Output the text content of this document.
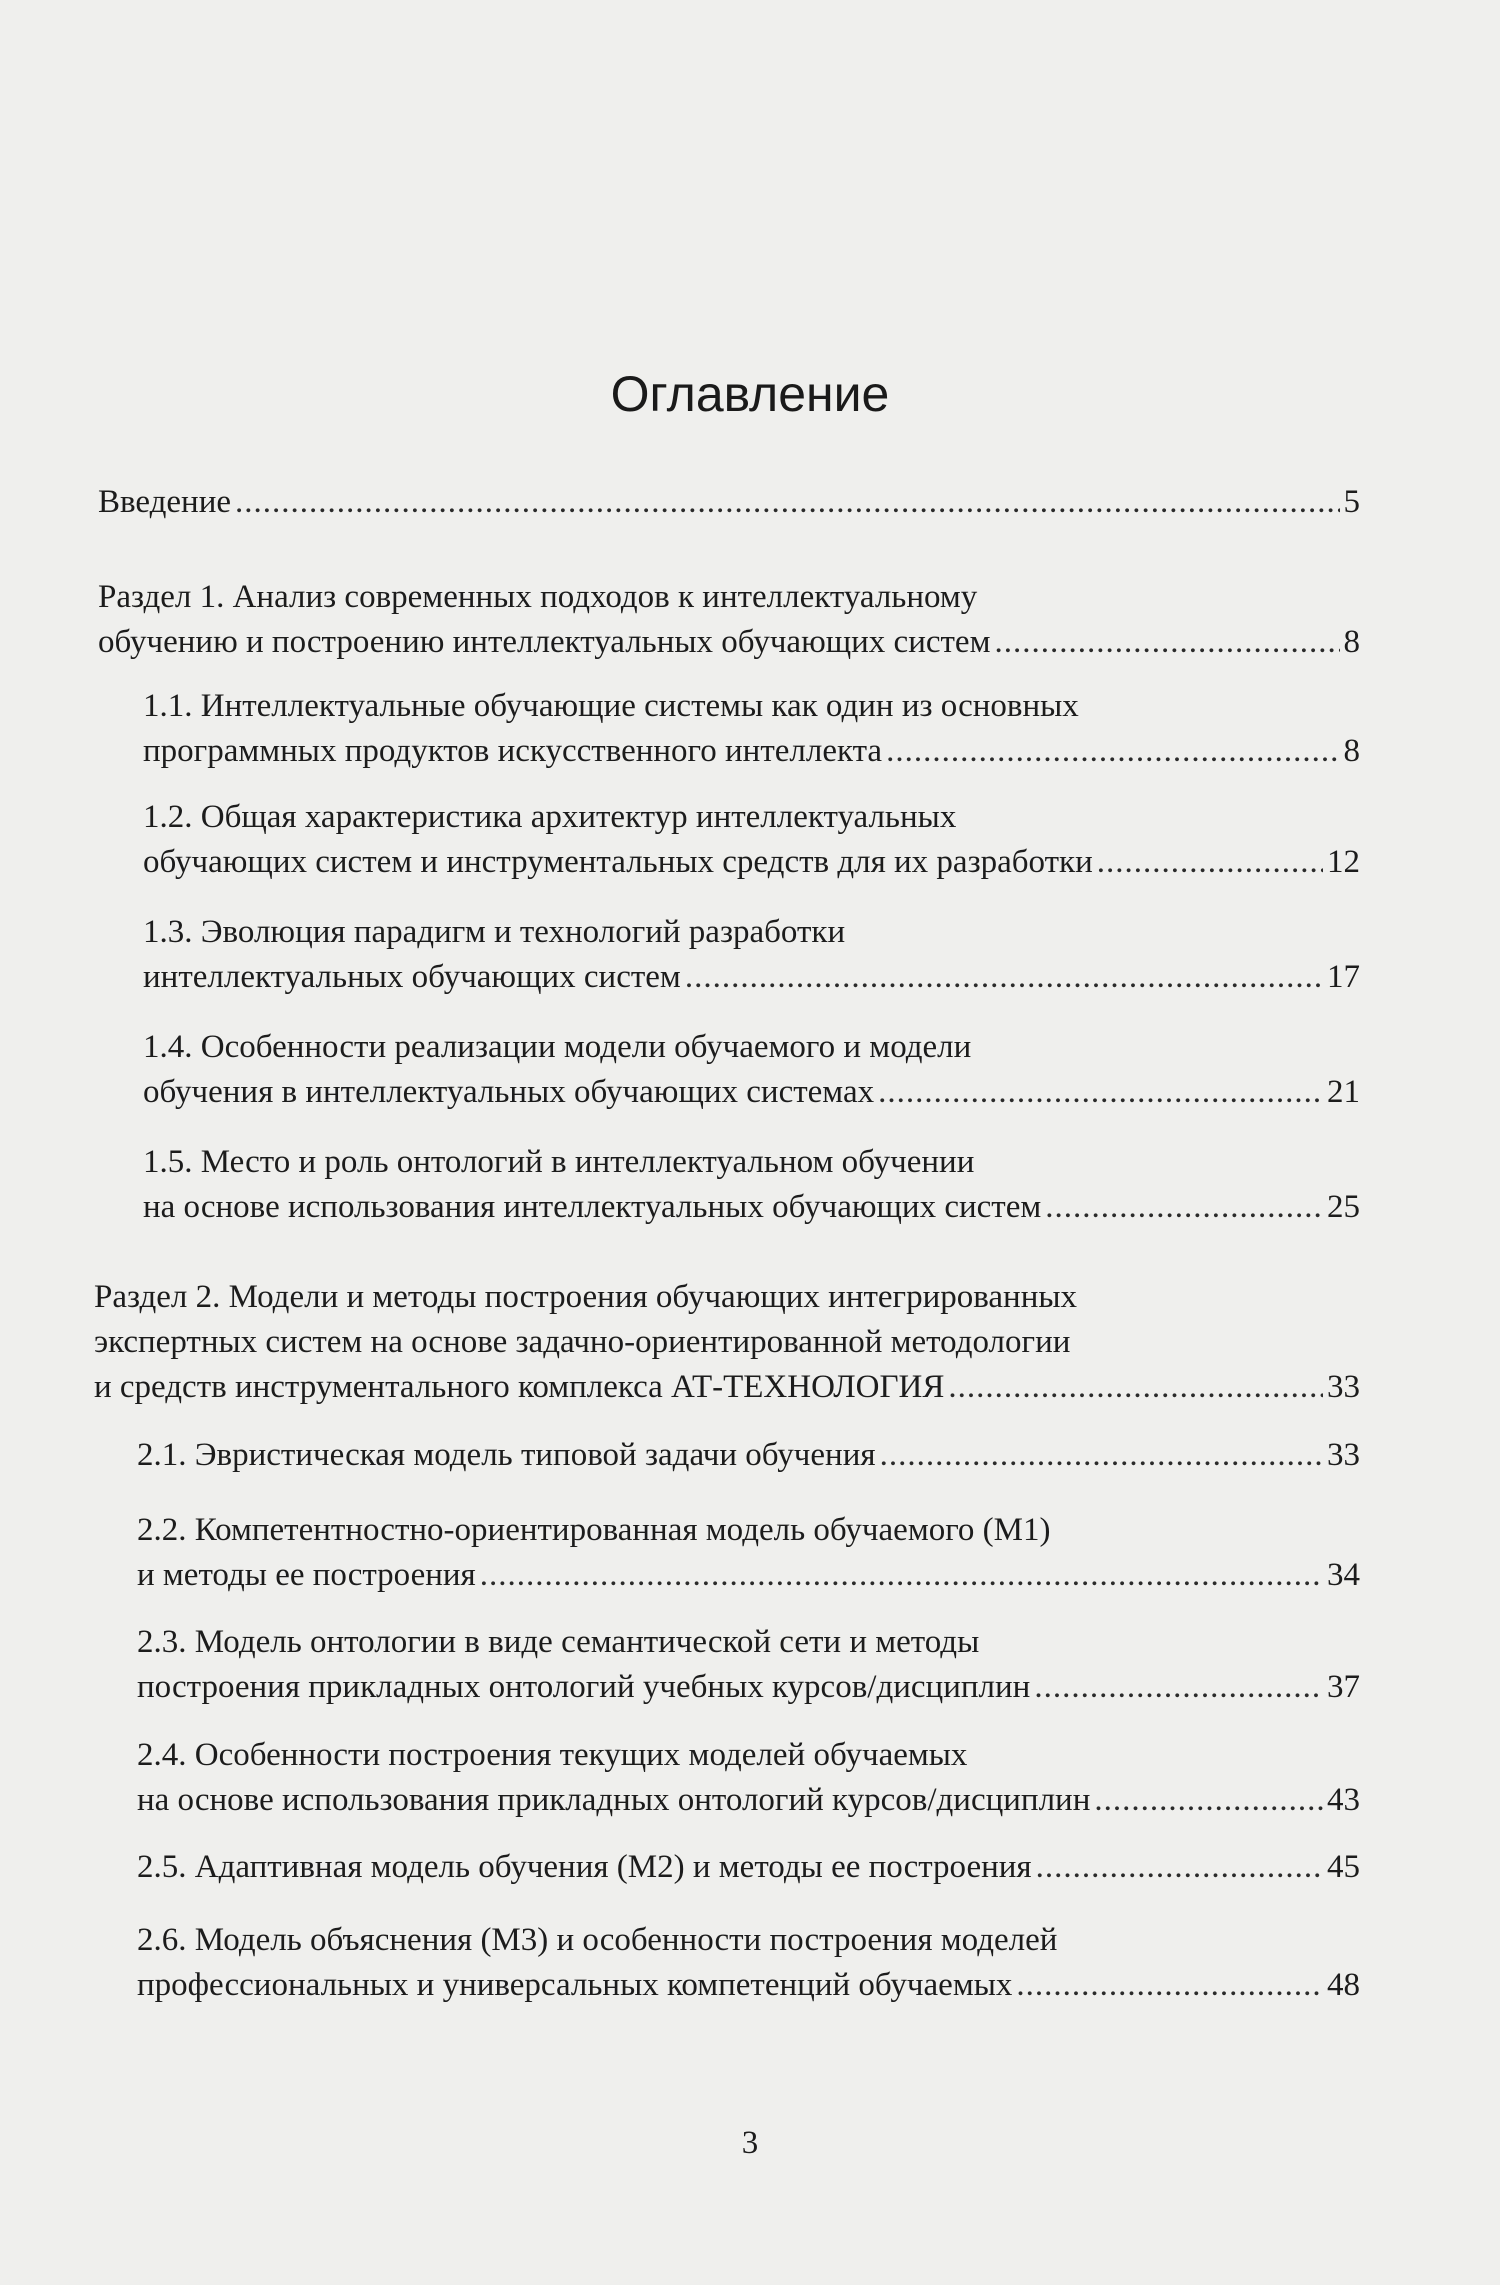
Оглавление
Введение .....	5
Раздел 1. Анализ современных подходов к интеллектуальному
обучению и построению интеллектуальных обучающих систем .....	8
1.1. Интеллектуальные обучающие системы как один из основных
программных продуктов искусственного интеллекта .....	8
1.2. Общая характеристика архитектур интеллектуальных
обучающих систем и инструментальных средств для их разработки .....	12
1.3. Эволюция парадигм и технологий разработки
интеллектуальных обучающих систем .....	17
1.4. Особенности реализации модели обучаемого и модели
обучения в интеллектуальных обучающих системах .....	21
1.5. Место и роль онтологий в интеллектуальном обучении
на основе использования интеллектуальных обучающих систем .....	25
Раздел 2. Модели и методы построения обучающих интегрированных
экспертных систем на основе задачно-ориентированной методологии
и средств инструментального комплекса АТ-ТЕХНОЛОГИЯ .....	33
2.1. Эвристическая модель типовой задачи обучения .....	33
2.2. Компетентностно-ориентированная модель обучаемого (М1)
и методы ее построения .....	34
2.3. Модель онтологии в виде семантической сети и методы
построения прикладных онтологий учебных курсов/дисциплин .....	37
2.4. Особенности построения текущих моделей обучаемых
на основе использования прикладных онтологий курсов/дисциплин .....	43
2.5. Адаптивная модель обучения (М2) и методы ее построения .....	45
2.6. Модель объяснения (М3) и особенности построения моделей
профессиональных и универсальных компетенций обучаемых .....	48
3
